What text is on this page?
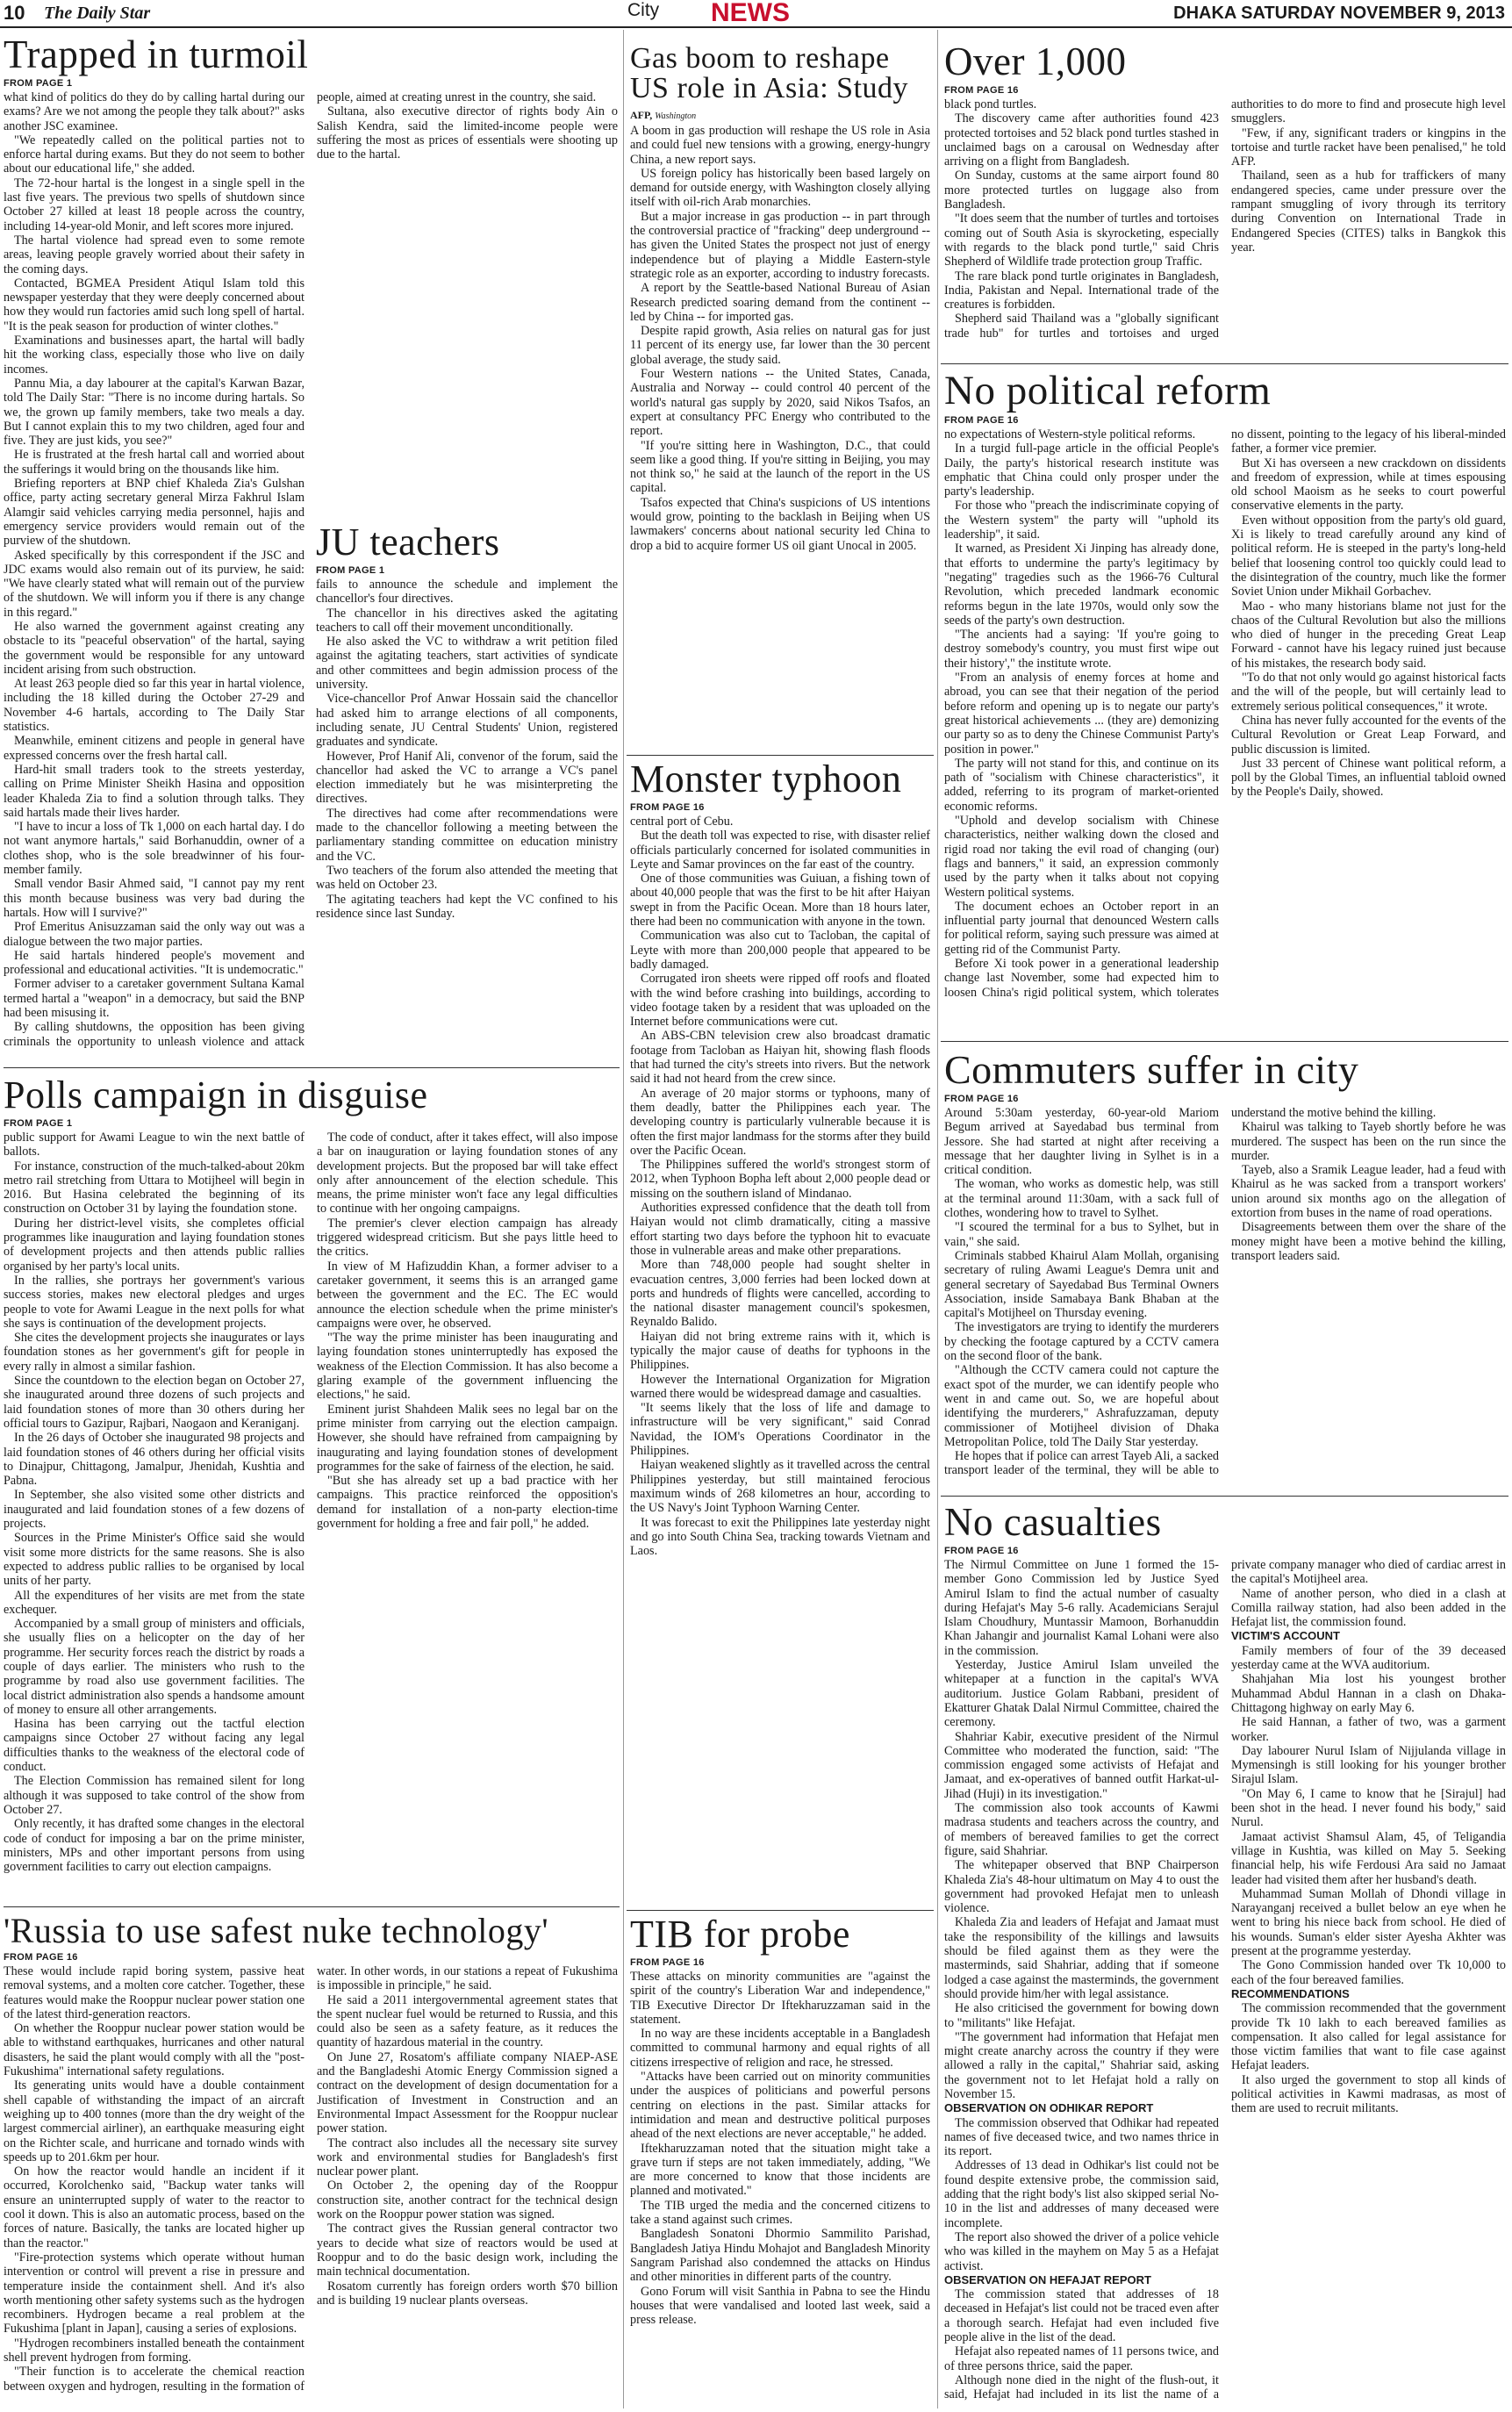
10 The Daily Star	City NEWS	DHAKA SATURDAY NOVEMBER 9, 2013
Trapped in turmoil
FROM PAGE 1

what kind of politics do they do by calling hartal during our exams? Are we not among the people they talk about?" asks another JSC examinee.

"We repeatedly called on the political parties not to enforce hartal during exams. But they do not seem to bother about our educational life," she added.

The 72-hour hartal is the longest in a single spell in the last five years. The previous two spells of shutdown since October 27 killed at least 18 people across the country, including 14-year-old Monir, and left scores more injured.

The hartal violence had spread even to some remote areas, leaving people gravely worried about their safety in the coming days.

Contacted, BGMEA President Atiqul Islam told this newspaper yesterday that they were deeply concerned about how they would run factories amid such long spell of hartal. "It is the peak season for production of winter clothes."

Examinations and businesses apart, the hartal will badly hit the working class, especially those who live on daily incomes.

Pannu Mia, a day labourer at the capital's Karwan Bazar, told The Daily Star: "There is no income during hartals. So we, the grown up family members, take two meals a day. But I cannot explain this to my two children, aged four and five. They are just kids, you see?"

He is frustrated at the fresh hartal call and worried about the sufferings it would bring on the thousands like him.

Briefing reporters at BNP chief Khaleda Zia's Gulshan office, party acting secretary general Mirza Fakhrul Islam Alamgir said vehicles carrying media personnel, hajis and emergency service providers would remain out of the purview of the shutdown.

Asked specifically by this correspondent if the JSC and JDC exams would also remain out of its purview, he said: "We have clearly stated what will remain out of the purview of the shutdown. We will inform you if there is any change in this regard."

He also warned the government against creating any obstacle to its "peaceful observation" of the hartal, saying the government would be responsible for any untoward incident arising from such obstruction.

At least 263 people died so far this year in hartal violence, including the 18 killed during the October 27-29 and November 4-6 hartals, according to The Daily Star statistics.

Meanwhile, eminent citizens and people in general have expressed concerns over the fresh hartal call.

Hard-hit small traders took to the streets yesterday, calling on Prime Minister Sheikh Hasina and opposition leader Khaleda Zia to find a solution through talks. They said hartals made their lives harder.

"I have to incur a loss of Tk 1,000 on each hartal day. I do not want anymore hartals," said Borhanuddin, owner of a clothes shop, who is the sole breadwinner of his four-member family.

Small vendor Basir Ahmed said, "I cannot pay my rent this month because business was very bad during the hartals. How will I survive?"

Prof Emeritus Anisuzzaman said the only way out was a dialogue between the two major parties.

He said hartals hindered people's movement and professional and educational activities. "It is undemocratic."

Former adviser to a caretaker government Sultana Kamal termed hartal a "weapon" in a democracy, but said the BNP had been misusing it.

By calling shutdowns, the opposition has been giving criminals the opportunity to unleash violence and attack people, aimed at creating unrest in the country, she said.

Sultana, also executive director of rights body Ain o Salish Kendra, said the limited-income people were suffering the most as prices of essentials were shooting up due to the hartal.

JU teachers
FROM PAGE 1

fails to announce the schedule and implement the chancellor's four directives.

The chancellor in his directives asked the agitating teachers to call off their movement unconditionally.

He also asked the VC to withdraw a writ petition filed against the agitating teachers, start activities of syndicate and other committees and begin admission process of the university.

Vice-chancellor Prof Anwar Hossain said the chancellor had asked him to arrange elections of all components, including senate, JU Central Students' Union, registered graduates and syndicate.

However, Prof Hanif Ali, convenor of the forum, said the chancellor had asked the VC to arrange a VC's panel election immediately but he was misinterpreting the directives.

The directives had come after recommendations were made to the chancellor following a meeting between the parliamentary standing committee on education ministry and the VC.

Two teachers of the forum also attended the meeting that was held on October 23.

The agitating teachers had kept the VC confined to his residence since last Sunday.

Gas boom to reshape US role in Asia: Study
AFP, Washington

A boom in gas production will reshape the US role in Asia and could fuel new tensions with a growing, energy-hungry China, a new report says.

US foreign policy has historically been based largely on demand for outside energy, with Washington closely allying itself with oil-rich Arab monarchies.

But a major increase in gas production -- in part through the controversial practice of "fracking" deep underground -- has given the United States the prospect not just of energy independence but of playing a Middle Eastern-style strategic role as an exporter, according to industry forecasts.

A report by the Seattle-based National Bureau of Asian Research predicted soaring demand from the continent -- led by China -- for imported gas.

Despite rapid growth, Asia relies on natural gas for just 11 percent of its energy use, far lower than the 30 percent global average, the study said.

Four Western nations -- the United States, Canada, Australia and Norway -- could control 40 percent of the world's natural gas supply by 2020, said Nikos Tsafos, an expert at consultancy PFC Energy who contributed to the report.

"If you're sitting here in Washington, D.C., that could seem like a good thing. If you're sitting in Beijing, you may not think so," he said at the launch of the report in the US capital.

Tsafos expected that China's suspicions of US intentions would grow, pointing to the backlash in Beijing when US lawmakers' concerns about national security led China to drop a bid to acquire former US oil giant Unocal in 2005.

Monster typhoon
FROM PAGE 16

central port of Cebu.

But the death toll was expected to rise, with disaster relief officials particularly concerned for isolated communities in Leyte and Samar provinces on the far east of the country.

One of those communities was Guiuan, a fishing town of about 40,000 people that was the first to be hit after Haiyan swept in from the Pacific Ocean. More than 18 hours later, there had been no communication with anyone in the town.

Communication was also cut to Tacloban, the capital of Leyte with more than 200,000 people that appeared to be badly damaged.

Corrugated iron sheets were ripped off roofs and floated with the wind before crashing into buildings, according to video footage taken by a resident that was uploaded on the Internet before communications were cut.

An ABS-CBN television crew also broadcast dramatic footage from Tacloban as Haiyan hit, showing flash floods that had turned the city's streets into rivers. But the network said it had not heard from the crew since.

An average of 20 major storms or typhoons, many of them deadly, batter the Philippines each year. The developing country is particularly vulnerable because it is often the first major landmass for the storms after they build over the Pacific Ocean.

The Philippines suffered the world's strongest storm of 2012, when Typhoon Bopha left about 2,000 people dead or missing on the southern island of Mindanao.

Authorities expressed confidence that the death toll from Haiyan would not climb dramatically, citing a massive effort starting two days before the typhoon hit to evacuate those in vulnerable areas and make other preparations.

More than 748,000 people had sought shelter in evacuation centres, 3,000 ferries had been locked down at ports and hundreds of flights were cancelled, according to the national disaster management council's spokesmen, Reynaldo Balido.

Haiyan did not bring extreme rains with it, which is typically the major cause of deaths for typhoons in the Philippines.

However the International Organization for Migration warned there would be widespread damage and casualties.

"It seems likely that the loss of life and damage to infrastructure will be very significant," said Conrad Navidad, the IOM's Operations Coordinator in the Philippines.

Haiyan weakened slightly as it travelled across the central Philippines yesterday, but still maintained ferocious maximum winds of 268 kilometres an hour, according to the US Navy's Joint Typhoon Warning Center.

It was forecast to exit the Philippines late yesterday night and go into South China Sea, tracking towards Vietnam and Laos.

Over 1,000
FROM PAGE 16

black pond turtles.

The discovery came after authorities found 423 protected tortoises and 52 black pond turtles stashed in unclaimed bags on a carousal on Wednesday after arriving on a flight from Bangladesh.

On Sunday, customs at the same airport found 80 more protected turtles on luggage also from Bangladesh.

"It does seem that the number of turtles and tortoises coming out of South Asia is skyrocketing, especially with regards to the black pond turtle," said Chris Shepherd of Wildlife trade protection group Traffic.

The rare black pond turtle originates in Bangladesh, India, Pakistan and Nepal. International trade of the creatures is forbidden.

Shepherd said Thailand was a "globally significant trade hub" for turtles and tortoises and urged authorities to do more to find and prosecute high level smugglers.

"Few, if any, significant traders or kingpins in the tortoise and turtle racket have been penalised," he told AFP.

Thailand, seen as a hub for traffickers of many endangered species, came under pressure over the rampant smuggling of ivory through its territory during Convention on International Trade in Endangered Species (CITES) talks in Bangkok this year.

No political reform
FROM PAGE 16

no expectations of Western-style political reforms.

In a turgid full-page article in the official People's Daily, the party's historical research institute was emphatic that China could only prosper under the party's leadership.

For those who "preach the indiscriminate copying of the Western system" the party will "uphold its leadership", it said.

It warned, as President Xi Jinping has already done, that efforts to undermine the party's legitimacy by "negating" tragedies such as the 1966-76 Cultural Revolution, which preceded landmark economic reforms begun in the late 1970s, would only sow the seeds of the party's own destruction.

"The ancients had a saying: 'If you're going to destroy somebody's country, you must first wipe out their history'," the institute wrote.

"From an analysis of enemy forces at home and abroad, you can see that their negation of the period before reform and opening up is to negate our party's great historical achievements ... (they are) demonizing our party so as to deny the Chinese Communist Party's position in power."

The party will not stand for this, and continue on its path of "socialism with Chinese characteristics", it added, referring to its program of market-oriented economic reforms.

"Uphold and develop socialism with Chinese characteristics, neither walking down the closed and rigid road nor taking the evil road of changing (our) flags and banners," it said, an expression commonly used by the party when it talks about not copying Western political systems.

The document echoes an October report in an influential party journal that denounced Western calls for political reform, saying such pressure was aimed at getting rid of the Communist Party.

Before Xi took power in a generational leadership change last November, some had expected him to loosen China's rigid political system, which tolerates no dissent, pointing to the legacy of his liberal-minded father, a former vice premier.

But Xi has overseen a new crackdown on dissidents and freedom of expression, while at times espousing old school Maoism as he seeks to court powerful conservative elements in the party.

Even without opposition from the party's old guard, Xi is likely to tread carefully around any kind of political reform. He is steeped in the party's long-held belief that loosening control too quickly could lead to the disintegration of the country, much like the former Soviet Union under Mikhail Gorbachev.

Mao - who many historians blame not just for the chaos of the Cultural Revolution but also the millions who died of hunger in the preceding Great Leap Forward - cannot have his legacy ruined just because of his mistakes, the research body said.

"To do that not only would go against historical facts and the will of the people, but will certainly lead to extremely serious political consequences," it wrote.

China has never fully accounted for the events of the Cultural Revolution or Great Leap Forward, and public discussion is limited.

Just 33 percent of Chinese want political reform, a poll by the Global Times, an influential tabloid owned by the People's Daily, showed.

Polls campaign in disguise
FROM PAGE 1

public support for Awami League to win the next battle of ballots.

For instance, construction of the much-talked-about 20km metro rail stretching from Uttara to Motijheel will begin in 2016. But Hasina celebrated the beginning of its construction on October 31 by laying the foundation stone.

During her district-level visits, she completes official programmes like inauguration and laying foundation stones of development projects and then attends public rallies organised by her party's local units.

In the rallies, she portrays her government's various success stories, makes new electoral pledges and urges people to vote for Awami League in the next polls for what she says is continuation of the development projects.

She cites the development projects she inaugurates or lays foundation stones as her government's gift for people in every rally in almost a similar fashion.

Since the countdown to the election began on October 27, she inaugurated around three dozens of such projects and laid foundation stones of more than 30 others during her official tours to Gazipur, Rajbari, Naogaon and Keraniganj.

In the 26 days of October she inaugurated 98 projects and laid foundation stones of 46 others during her official visits to Dinajpur, Chittagong, Jamalpur, Jhenidah, Kushtia and Pabna.

In September, she also visited some other districts and inaugurated and laid foundation stones of a few dozens of projects.

Sources in the Prime Minister's Office said she would visit some more districts for the same reasons. She is also expected to address public rallies to be organised by local units of her party.

All the expenditures of her visits are met from the state exchequer.

Accompanied by a small group of ministers and officials, she usually flies on a helicopter on the day of her programme. Her security forces reach the district by roads a couple of days earlier. The ministers who rush to the programme by road also use government facilities. The local district administration also spends a handsome amount of money to ensure all other arrangements.

Hasina has been carrying out the tactful election campaigns since October 27 without facing any legal difficulties thanks to the weakness of the electoral code of conduct.

The Election Commission has remained silent for long although it was supposed to take control of the show from October 27.

Only recently, it has drafted some changes in the electoral code of conduct for imposing a bar on the prime minister, ministers, MPs and other important persons from using government facilities to carry out election campaigns.

The code of conduct, after it takes effect, will also impose a bar on inauguration or laying foundation stones of any development projects. But the proposed bar will take effect only after announcement of the election schedule. This means, the prime minister won't face any legal difficulties to continue with her ongoing campaigns.

The premier's clever election campaign has already triggered widespread criticism. But she pays little heed to the critics.

In view of M Hafizuddin Khan, a former adviser to a caretaker government, it seems this is an arranged game between the government and the EC. The EC would announce the election schedule when the prime minister's campaigns were over, he observed.

"The way the prime minister has been inaugurating and laying foundation stones uninterruptedly has exposed the weakness of the Election Commission. It has also become a glaring example of the government influencing the elections," he said.

Eminent jurist Shahdeen Malik sees no legal bar on the prime minister from carrying out the election campaign. However, she should have refrained from campaigning by inaugurating and laying foundation stones of development programmes for the sake of fairness of the election, he said.

"But she has already set up a bad practice with her campaigns. This practice reinforced the opposition's demand for installation of a non-party election-time government for holding a free and fair poll," he added.

Commuters suffer in city
FROM PAGE 16

Around 5:30am yesterday, 60-year-old Mariom Begum arrived at Sayedabad bus terminal from Jessore. She had started at night after receiving a message that her daughter living in Sylhet is in a critical condition.

The woman, who works as domestic help, was still at the terminal around 11:30am, with a sack full of clothes, wondering how to travel to Sylhet.

"I scoured the terminal for a bus to Sylhet, but in vain," she said.

Criminals stabbed Khairul Alam Mollah, organising secretary of ruling Awami League's Demra unit and general secretary of Sayedabad Bus Terminal Owners Association, inside Samabaya Bank Bhaban at the capital's Motijheel on Thursday evening.

The investigators are trying to identify the murderers by checking the footage captured by a CCTV camera on the second floor of the bank.

"Although the CCTV camera could not capture the exact spot of the murder, we can identify people who went in and came out. So, we are hopeful about identifying the murderers," Ashrafuzzaman, deputy commissioner of Motijheel division of Dhaka Metropolitan Police, told The Daily Star yesterday.

He hopes that if police can arrest Tayeb Ali, a sacked transport leader of the terminal, they will be able to understand the motive behind the killing.

Khairul was talking to Tayeb shortly before he was murdered. The suspect has been on the run since the murder.

Tayeb, also a Sramik League leader, had a feud with Khairul as he was sacked from a transport workers' union around six months ago on the allegation of extortion from buses in the name of road operations.

Disagreements between them over the share of the money might have been a motive behind the killing, transport leaders said.

'Russia to use safest nuke technology'
FROM PAGE 16

These would include rapid boring system, passive heat removal systems, and a molten core catcher. Together, these features would make the Rooppur nuclear power station one of the latest third-generation reactors.

On whether the Rooppur nuclear power station would be able to withstand earthquakes, hurricanes and other natural disasters, he said the plant would comply with all the "post-Fukushima" international safety regulations.

Its generating units would have a double containment shell capable of withstanding the impact of an aircraft weighing up to 400 tonnes (more than the dry weight of the largest commercial airliner), an earthquake measuring eight on the Richter scale, and hurricane and tornado winds with speeds up to 201.6km per hour.

On how the reactor would handle an incident if it occurred, Korolchenko said, "Backup water tanks will ensure an uninterrupted supply of water to the reactor to cool it down. This is also an automatic process, based on the forces of nature. Basically, the tanks are located higher up than the reactor."

"Fire-protection systems which operate without human intervention or control will prevent a rise in pressure and temperature inside the containment shell. And it's also worth mentioning other safety systems such as the hydrogen recombiners. Hydrogen became a real problem at the Fukushima [plant in Japan], causing a series of explosions.

"Hydrogen recombiners installed beneath the containment shell prevent hydrogen from forming.

"Their function is to accelerate the chemical reaction between oxygen and hydrogen, resulting in the formation of water. In other words, in our stations a repeat of Fukushima is impossible in principle," he said.

He said a 2011 intergovernmental agreement states that the spent nuclear fuel would be returned to Russia, and this could also be seen as a safety feature, as it reduces the quantity of hazardous material in the country.

On June 27, Rosatom's affiliate company NIAEP-ASE and the Bangladeshi Atomic Energy Commission signed a contract on the development of design documentation for a Justification of Investment in Construction and an Environmental Impact Assessment for the Rooppur nuclear power station.

The contract also includes all the necessary site survey work and environmental studies for Bangladesh's first nuclear power plant.

On October 2, the opening day of the Rooppur construction site, another contract for the technical design work on the Rooppur power station was signed.

The contract gives the Russian general contractor two years to decide what size of reactors would be used at Rooppur and to do the basic design work, including the main technical documentation.

Rosatom currently has foreign orders worth $70 billion and is building 19 nuclear plants overseas.

TIB for probe
FROM PAGE 16

These attacks on minority communities are "against the spirit of the country's Liberation War and independence," TIB Executive Director Dr Iftekharuzzaman said in the statement.

In no way are these incidents acceptable in a Bangladesh committed to communal harmony and equal rights of all citizens irrespective of religion and race, he stressed.

"Attacks have been carried out on minority communities under the auspices of politicians and powerful persons centring on elections in the past. Similar attacks for intimidation and mean and destructive political purposes ahead of the next elections are never acceptable," he added.

Iftekharuzzaman noted that the situation might take a grave turn if steps are not taken immediately, adding, "We are more concerned to know that those incidents are planned and motivated."

The TIB urged the media and the concerned citizens to take a stand against such crimes.

Bangladesh Sonatoni Dhormio Sammilito Parishad, Bangladesh Jatiya Hindu Mohajot and Bangladesh Minority Sangram Parishad also condemned the attacks on Hindus and other minorities in different parts of the country.

Gono Forum will visit Santhia in Pabna to see the Hindu houses that were vandalised and looted last week, said a press release.

No casualties
FROM PAGE 16

The Nirmul Committee on June 1 formed the 15-member Gono Commission led by Justice Syed Amirul Islam to find the actual number of casualty during Hefajat's May 5-6 rally. Academicians Serajul Islam Choudhury, Muntassir Mamoon, Borhanuddin Khan Jahangir and journalist Kamal Lohani were also in the commission.

Yesterday, Justice Amirul Islam unveiled the whitepaper at a function in the capital's WVA auditorium. Justice Golam Rabbani, president of Ekatturer Ghatak Dalal Nirmul Committee, chaired the ceremony.

Shahriar Kabir, executive president of the Nirmul Committee who moderated the function, said: "The commission engaged some activists of Hefajat and Jamaat, and ex-operatives of banned outfit Harkat-ul-Jihad (Huji) in its investigation."

The commission also took accounts of Kawmi madrasa students and teachers across the country, and of members of bereaved families to get the correct figure, said Shahriar.

The whitepaper observed that BNP Chairperson Khaleda Zia's 48-hour ultimatum on May 4 to oust the government had provoked Hefajat men to unleash violence.

Khaleda Zia and leaders of Hefajat and Jamaat must take the responsibility of the killings and lawsuits should be filed against them as they were the masterminds, said Shahriar, adding that if someone lodged a case against the masterminds, the government should provide him/her with legal assistance.

He also criticised the government for bowing down to "militants" like Hefajat.

"The government had information that Hefajat men might create anarchy across the country if they were allowed a rally in the capital," Shahriar said, asking the government not to let Hefajat hold a rally on November 15.

OBSERVATION ON ODHIKAR REPORT

The commission observed that Odhikar had repeated names of five deceased twice, and two names thrice in its report.

Addresses of 13 dead in Odhikar's list could not be found despite extensive probe, the commission said, adding that the right body's list also skipped serial No-10 in the list and addresses of many deceased were incomplete.

The report also showed the driver of a police vehicle who was killed in the mayhem on May 5 as a Hefajat activist.

OBSERVATION ON HEFAJAT REPORT

The commission stated that addresses of 18 deceased in Hefajat's list could not be traced even after a thorough search. Hefajat had even included five people alive in the list of the dead.

Hefajat also repeated names of 11 persons twice, and of three persons thrice, said the paper.

Although none died in the night of the flush-out, it said, Hefajat had included in its list the name of a private company manager who died of cardiac arrest in the capital's Motijheel area.

Name of another person, who died in a clash at Comilla railway station, had also been added in the Hefajat list, the commission found.

VICTIM'S ACCOUNT

Family members of four of the 39 deceased yesterday came at the WVA auditorium.

Shahjahan Mia lost his youngest brother Muhammad Abdul Hannan in a clash on Dhaka-Chittagong highway on early May 6.

He said Hannan, a father of two, was a garment worker.

Day labourer Nurul Islam of Nijjulanda village in Mymensingh is still looking for his younger brother Sirajul Islam.

"On May 6, I came to know that he [Sirajul] had been shot in the head. I never found his body," said Nurul.

Jamaat activist Shamsul Alam, 45, of Teligandia village in Kushtia, was killed on May 5. Seeking financial help, his wife Ferdousi Ara said no Jamaat leader had visited them after her husband's death.

Muhammad Suman Mollah of Dhondi village in Narayanganj received a bullet below an eye when he went to bring his niece back from school. He died of his wounds. Suman's elder sister Ayesha Akhter was present at the programme yesterday.

The Gono Commission handed over Tk 10,000 to each of the four bereaved families.

RECOMMENDATIONS

The commission recommended that the government provide Tk 10 lakh to each bereaved families as compensation. It also called for legal assistance for those victim families that want to file case against Hefajat leaders.

It also urged the government to stop all kinds of political activities in Kawmi madrasas, as most of them are used to recruit militants.
